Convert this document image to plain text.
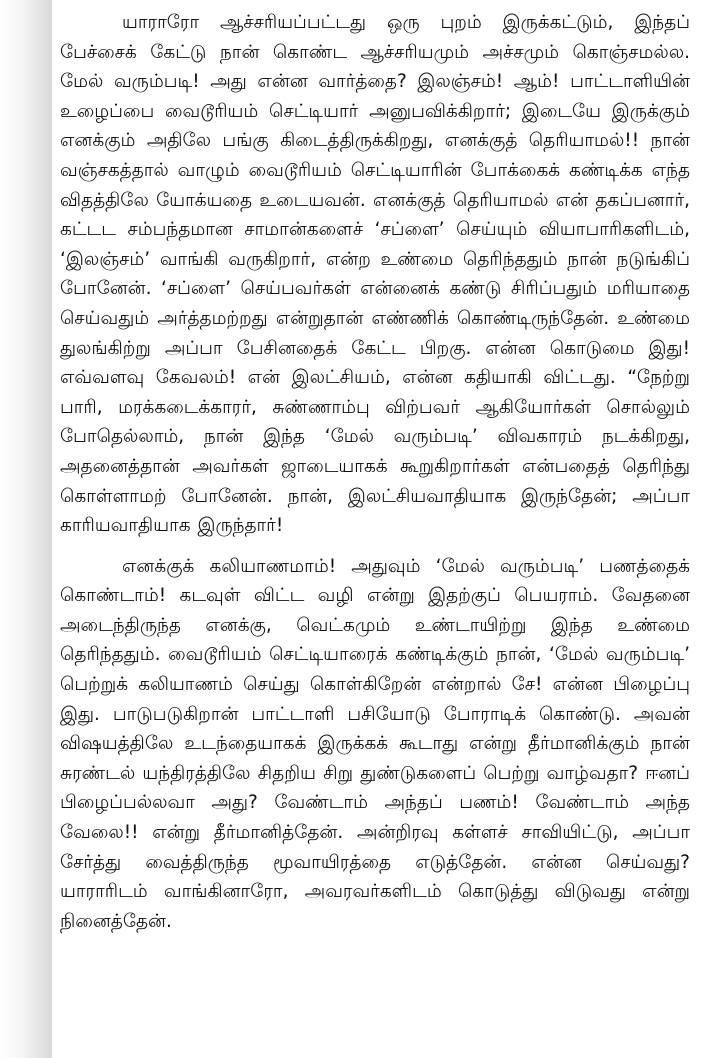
யாராரோ ஆச்சரியப்பட்டது ஒரு புறம் இருக்கட்டும், இந்தப் பேச்சைக் கேட்டு நான் கொண்ட ஆச்சரியமும் அச்சமும் கொஞ்சமல்ல. மேல் வரும்படி! அது என்ன வார்த்தை? இலஞ்சம்! ஆம்! பாட்டாளியின் உழைப்பை வைடூரியம் செட்டியார் அனுபவிக்கிறார்; இடையே இருக்கும் எனக்கும் அதிலே பங்கு கிடைத்திருக்கிறது, எனக்குத் தெரியாமல்!! நான் வஞ்சகத்தால் வாழும் வைடூரியம் செட்டியாரின் போக்கைக் கண்டிக்க எந்த விதத்திலே யோக்யதை உடையவன். எனக்குத் தெரியாமல் என் தகப்பனார், கட்டட சம்பந்தமான சாமான்களைச் ‘சப்ளை’ செய்யும் வியாபாரிகளிடம், ‘இலஞ்சம்’ வாங்கி வருகிறார், என்ற உண்மை தெரிந்ததும் நான் நடுங்கிப் போனேன். ‘சப்ளை’ செய்பவர்கள் என்னைக் கண்டு சிரிப்பதும் மரியாதை செய்வதும் அர்த்தமற்றது என்றுதான் எண்ணிக் கொண்டிருந்தேன். உண்மை துலங்கிற்று அப்பா பேசினதைக் கேட்ட பிறகு. என்ன கொடுமை இது! எவ்வளவு கேவலம்! என் இலட்சியம், என்ன கதியாகி விட்டது. “நேற்று பாரி, மரக்கடைக்காரர், சுண்ணாம்பு விற்பவர் ஆகியோர்கள் சொல்லும் போதெல்லாம், நான் இந்த ‘மேல் வரும்படி’ விவகாரம் நடக்கிறது, அதனைத்தான் அவர்கள் ஜாடையாகக் கூறுகிறார்கள் என்பதைத் தெரிந்து கொள்ளாமற் போனேன். நான், இலட்சியவாதியாக இருந்தேன்; அப்பா காரியவாதியாக இருந்தார்!

எனக்குக் கலியாணமாம்! அதுவும் ‘மேல் வரும்படி’ பணத்தைக் கொண்டாம்! கடவுள் விட்ட வழி என்று இதற்குப் பெயராம். வேதனை அடைந்திருந்த எனக்கு, வெட்கமும் உண்டாயிற்று இந்த உண்மை தெரிந்ததும். வைடூரியம் செட்டியாரைக் கண்டிக்கும் நான், ‘மேல் வரும்படி’ பெற்றுக் கலியாணம் செய்து கொள்கிறேன் என்றால் சே! என்ன பிழைப்பு இது. பாடுபடுகிறான் பாட்டாளி பசியோடு போராடிக் கொண்டு. அவன் விஷயத்திலே உடந்தையாகக் இருக்கக் கூடாது என்று தீர்மானிக்கும் நான் சுரண்டல் யந்திரத்திலே சிதறிய சிறு துண்டுகளைப் பெற்று வாழ்வதா? ஈனப் பிழைப்பல்லவா அது? வேண்டாம் அந்தப் பணம்! வேண்டாம் அந்த வேலை!! என்று தீர்மானித்தேன். அன்றிரவு கள்ளச் சாவியிட்டு, அப்பா சேர்த்து வைத்திருந்த மூவாயிரத்தை எடுத்தேன். என்ன செய்வது? யாராரிடம் வாங்கினாரோ, அவரவர்களிடம் கொடுத்து விடுவது என்று நினைத்தேன்.
